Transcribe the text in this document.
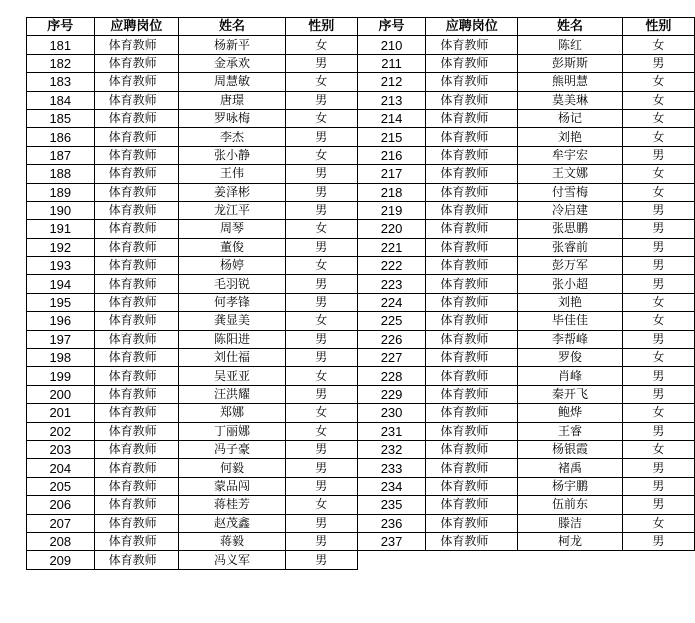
序号	应聘岗位	姓名	性别	序号	应聘岗位	姓名	性别
181	体育教师	杨新平	女	210	体育教师	陈红	女
182	体育教师	金承欢	男	211	体育教师	彭斯斯	男
183	体育教师	周慧敏	女	212	体育教师	熊明慧	女
184	体育教师	唐璟	男	213	体育教师	莫美琳	女
185	体育教师	罗咏梅	女	214	体育教师	杨记	女
186	体育教师	李杰	男	215	体育教师	刘艳	女
187	体育教师	张小静	女	216	体育教师	牟宇宏	男
188	体育教师	王伟	男	217	体育教师	王文娜	女
189	体育教师	姜泽彬	男	218	体育教师	付雪梅	女
190	体育教师	龙江平	男	219	体育教师	冷启建	男
191	体育教师	周琴	女	220	体育教师	张思鹏	男
192	体育教师	董俊	男	221	体育教师	张睿前	男
193	体育教师	杨婷	女	222	体育教师	彭万军	男
194	体育教师	毛羽锐	男	223	体育教师	张小超	男
195	体育教师	何孝锋	男	224	体育教师	刘艳	女
196	体育教师	龚显美	女	225	体育教师	毕佳佳	女
197	体育教师	陈阳进	男	226	体育教师	李帮峰	男
198	体育教师	刘仕福	男	227	体育教师	罗俊	女
199	体育教师	吴亚亚	女	228	体育教师	肖峰	男
200	体育教师	汪洪耀	男	229	体育教师	秦开飞	男
201	体育教师	郑娜	女	230	体育教师	鲍烨	女
202	体育教师	丁丽娜	女	231	体育教师	王睿	男
203	体育教师	冯子豪	男	232	体育教师	杨银霞	女
204	体育教师	何毅	男	233	体育教师	褚禹	男
205	体育教师	蒙品闯	男	234	体育教师	杨宇鹏	男
206	体育教师	蒋桂芳	女	235	体育教师	伍前东	男
207	体育教师	赵茂鑫	男	236	体育教师	滕洁	女
208	体育教师	蒋毅	男	237	体育教师	柯龙	男
209	体育教师	冯义军	男				
